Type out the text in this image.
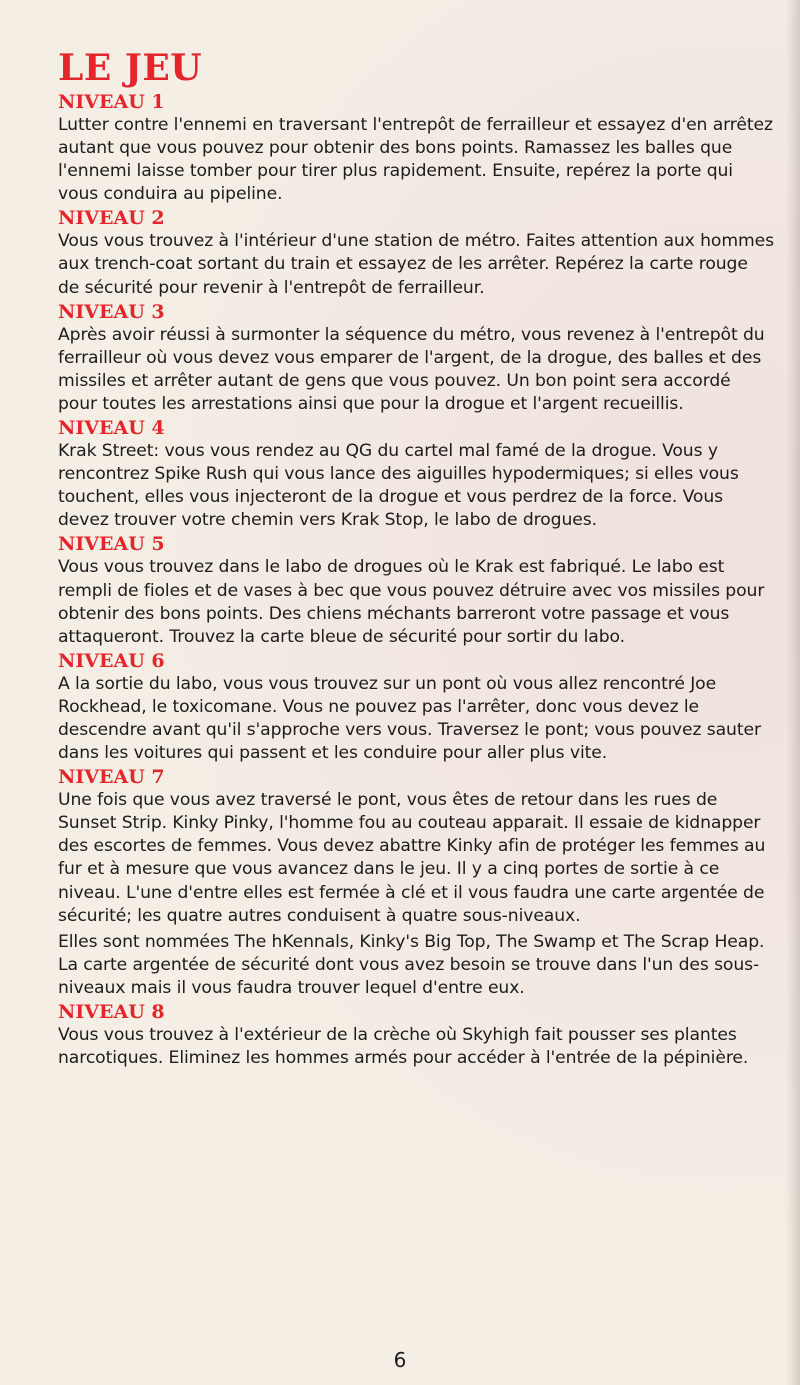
LE JEU
NIVEAU 1

Lutter contre l'ennemi en traversant l'entrepôt de ferrailleur et essayez d'en arrêtez autant que vous pouvez pour obtenir des bons points. Ramassez les balles que l'ennemi laisse tomber pour tirer plus rapidement. Ensuite, repérez la porte qui vous conduira au pipeline.

NIVEAU 2

Vous vous trouvez à l'intérieur d'une station de métro. Faites attention aux hommes aux trench-coat sortant du train et essayez de les arrêter. Repérez la carte rouge de sécurité pour revenir à l'entrepôt de ferrailleur.

NIVEAU 3

Après avoir réussi à surmonter la séquence du métro, vous revenez à l'entrepôt du ferrailleur où vous devez vous emparer de l'argent, de la drogue, des balles et des missiles et arrêter autant de gens que vous pouvez. Un bon point sera accordé pour toutes les arrestations ainsi que pour la drogue et l'argent recueillis.

NIVEAU 4

Krak Street: vous vous rendez au QG du cartel mal famé de la drogue. Vous y rencontrez Spike Rush qui vous lance des aiguilles hypodermiques; si elles vous touchent, elles vous injecteront de la drogue et vous perdrez de la force. Vous devez trouver votre chemin vers Krak Stop, le labo de drogues.

NIVEAU 5

Vous vous trouvez dans le labo de drogues où le Krak est fabriqué. Le labo est rempli de fioles et de vases à bec que vous pouvez détruire avec vos missiles pour obtenir des bons points. Des chiens méchants barreront votre passage et vous attaqueront. Trouvez la carte bleue de sécurité pour sortir du labo.

NIVEAU 6

A la sortie du labo, vous vous trouvez sur un pont où vous allez rencontré Joe Rockhead, le toxicomane. Vous ne pouvez pas l'arrêter, donc vous devez le descendre avant qu'il s'approche vers vous. Traversez le pont; vous pouvez sauter dans les voitures qui passent et les conduire pour aller plus vite.

NIVEAU 7

Une fois que vous avez traversé le pont, vous êtes de retour dans les rues de Sunset Strip. Kinky Pinky, l'homme fou au couteau apparait. Il essaie de kidnapper des escortes de femmes. Vous devez abattre Kinky afin de protéger les femmes au fur et à mesure que vous avancez dans le jeu. Il y a cinq portes de sortie à ce niveau. L'une d'entre elles est fermée à clé et il vous faudra une carte argentée de sécurité; les quatre autres conduisent à quatre sous-niveaux.

Elles sont nommées The hKennals, Kinky's Big Top, The Swamp et The Scrap Heap. La carte argentée de sécurité dont vous avez besoin se trouve dans l'un des sous-niveaux mais il vous faudra trouver lequel d'entre eux.

NIVEAU 8

Vous vous trouvez à l'extérieur de la crèche où Skyhigh fait pousser ses plantes narcotiques. Eliminez les hommes armés pour accéder à l'entrée de la pépinière.

6
